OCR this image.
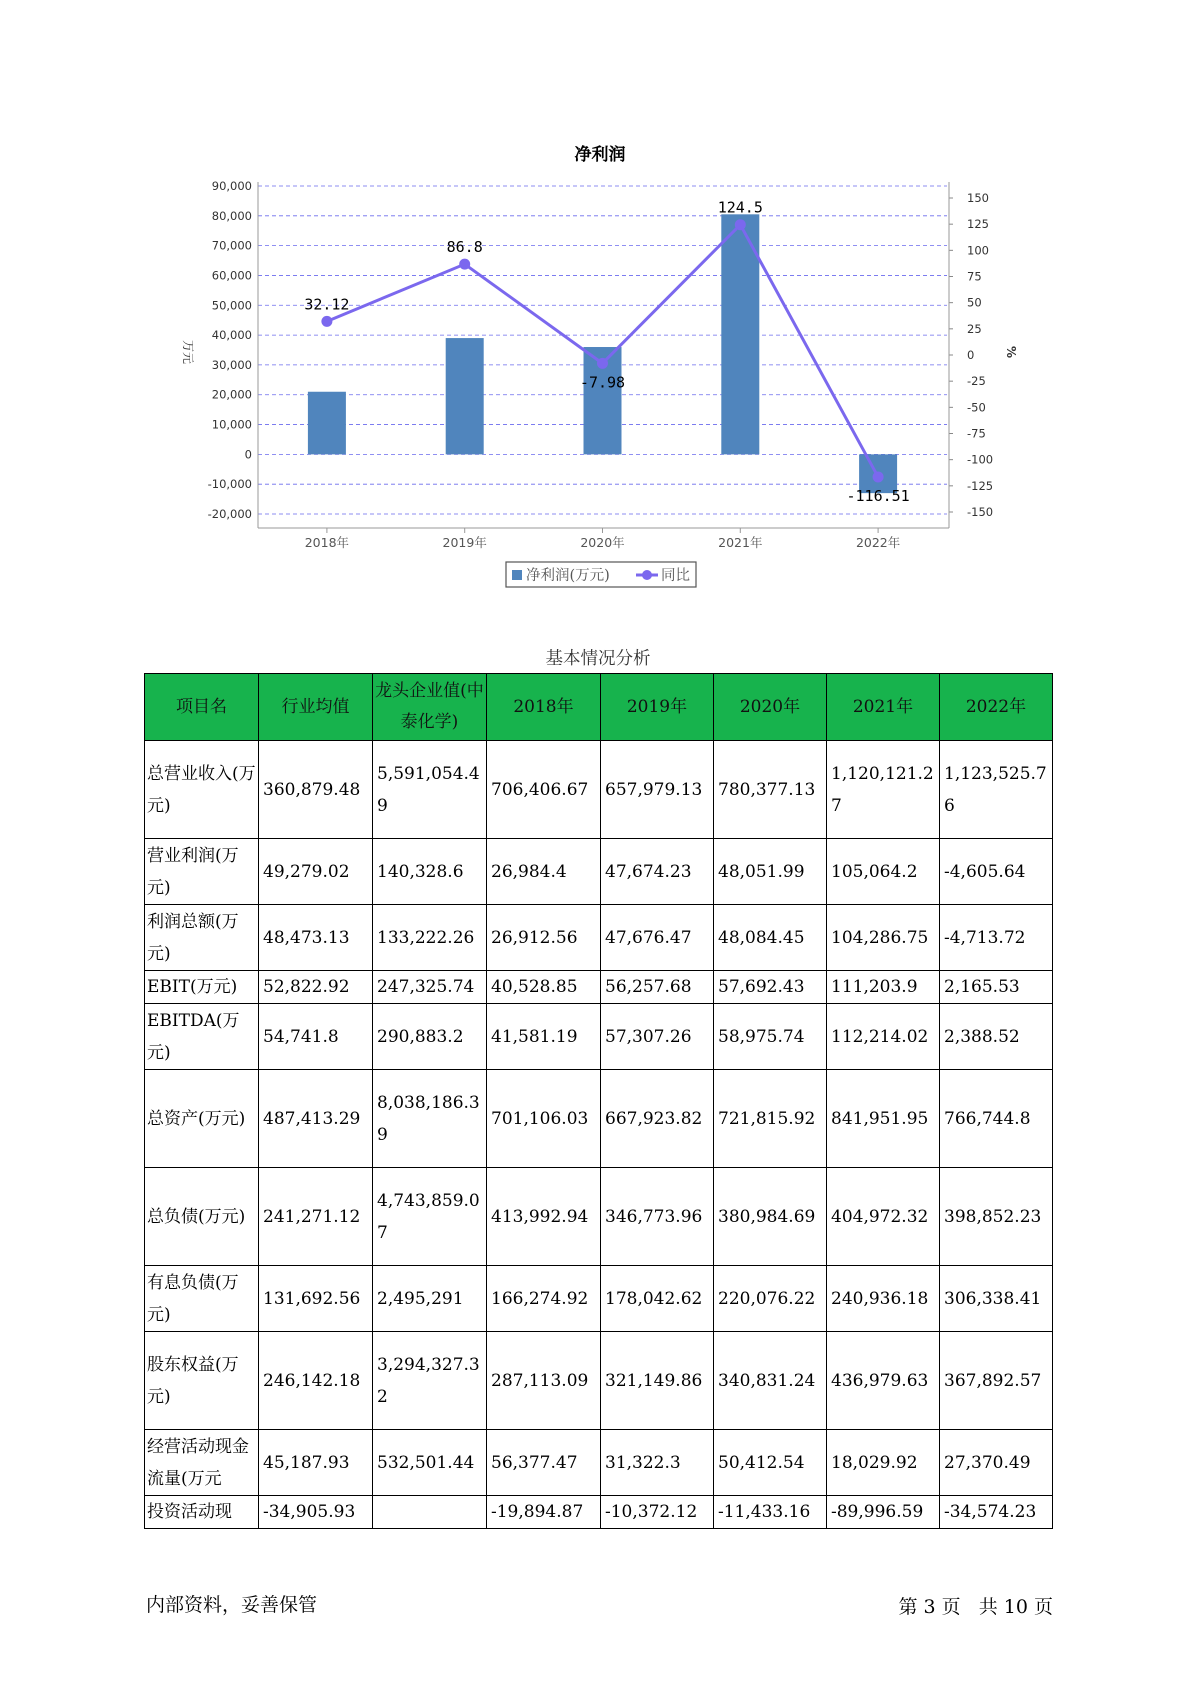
净利润
32.12
86.8
-7.98
124.5
-116.51
90,000
80,000
70,000
60,000
50,000
40,000
30,000
20,000
10,000
0
-10,000
-20,000
150
125
100
75
50
25
0
-25
-50
-75
-100
-125
-150
2018年	2019年	2020年	2021年	2022年
万元	%
净利润(万元)	同比
基本情况分析
项目名	行业均值	龙头企业值(中泰化学)	2018年	2019年	2020年	2021年	2022年
总营业收入(万元)	360,879.48	5,591,054.49	706,406.67	657,979.13	780,377.13	1,120,121.27	1,123,525.76
营业利润(万元)	49,279.02	140,328.6	26,984.4	47,674.23	48,051.99	105,064.2	-4,605.64
利润总额(万元)	48,473.13	133,222.26	26,912.56	47,676.47	48,084.45	104,286.75	-4,713.72
EBIT(万元)	52,822.92	247,325.74	40,528.85	56,257.68	57,692.43	111,203.9	2,165.53
EBITDA(万元)	54,741.8	290,883.2	41,581.19	57,307.26	58,975.74	112,214.02	2,388.52
总资产(万元)	487,413.29	8,038,186.39	701,106.03	667,923.82	721,815.92	841,951.95	766,744.8
总负债(万元)	241,271.12	4,743,859.07	413,992.94	346,773.96	380,984.69	404,972.32	398,852.23
有息负债(万元)	131,692.56	2,495,291	166,274.92	178,042.62	220,076.22	240,936.18	306,338.41
股东权益(万元)	246,142.18	3,294,327.32	287,113.09	321,149.86	340,831.24	436,979.63	367,892.57
经营活动现金流量(万元	45,187.93	532,501.44	56,377.47	31,322.3	50,412.54	18,029.92	27,370.49
投资活动现	-34,905.93		-19,894.87	-10,372.12	-11,433.16	-89,996.59	-34,574.23
内部资料，妥善保管	第 3 页   共 10 页
